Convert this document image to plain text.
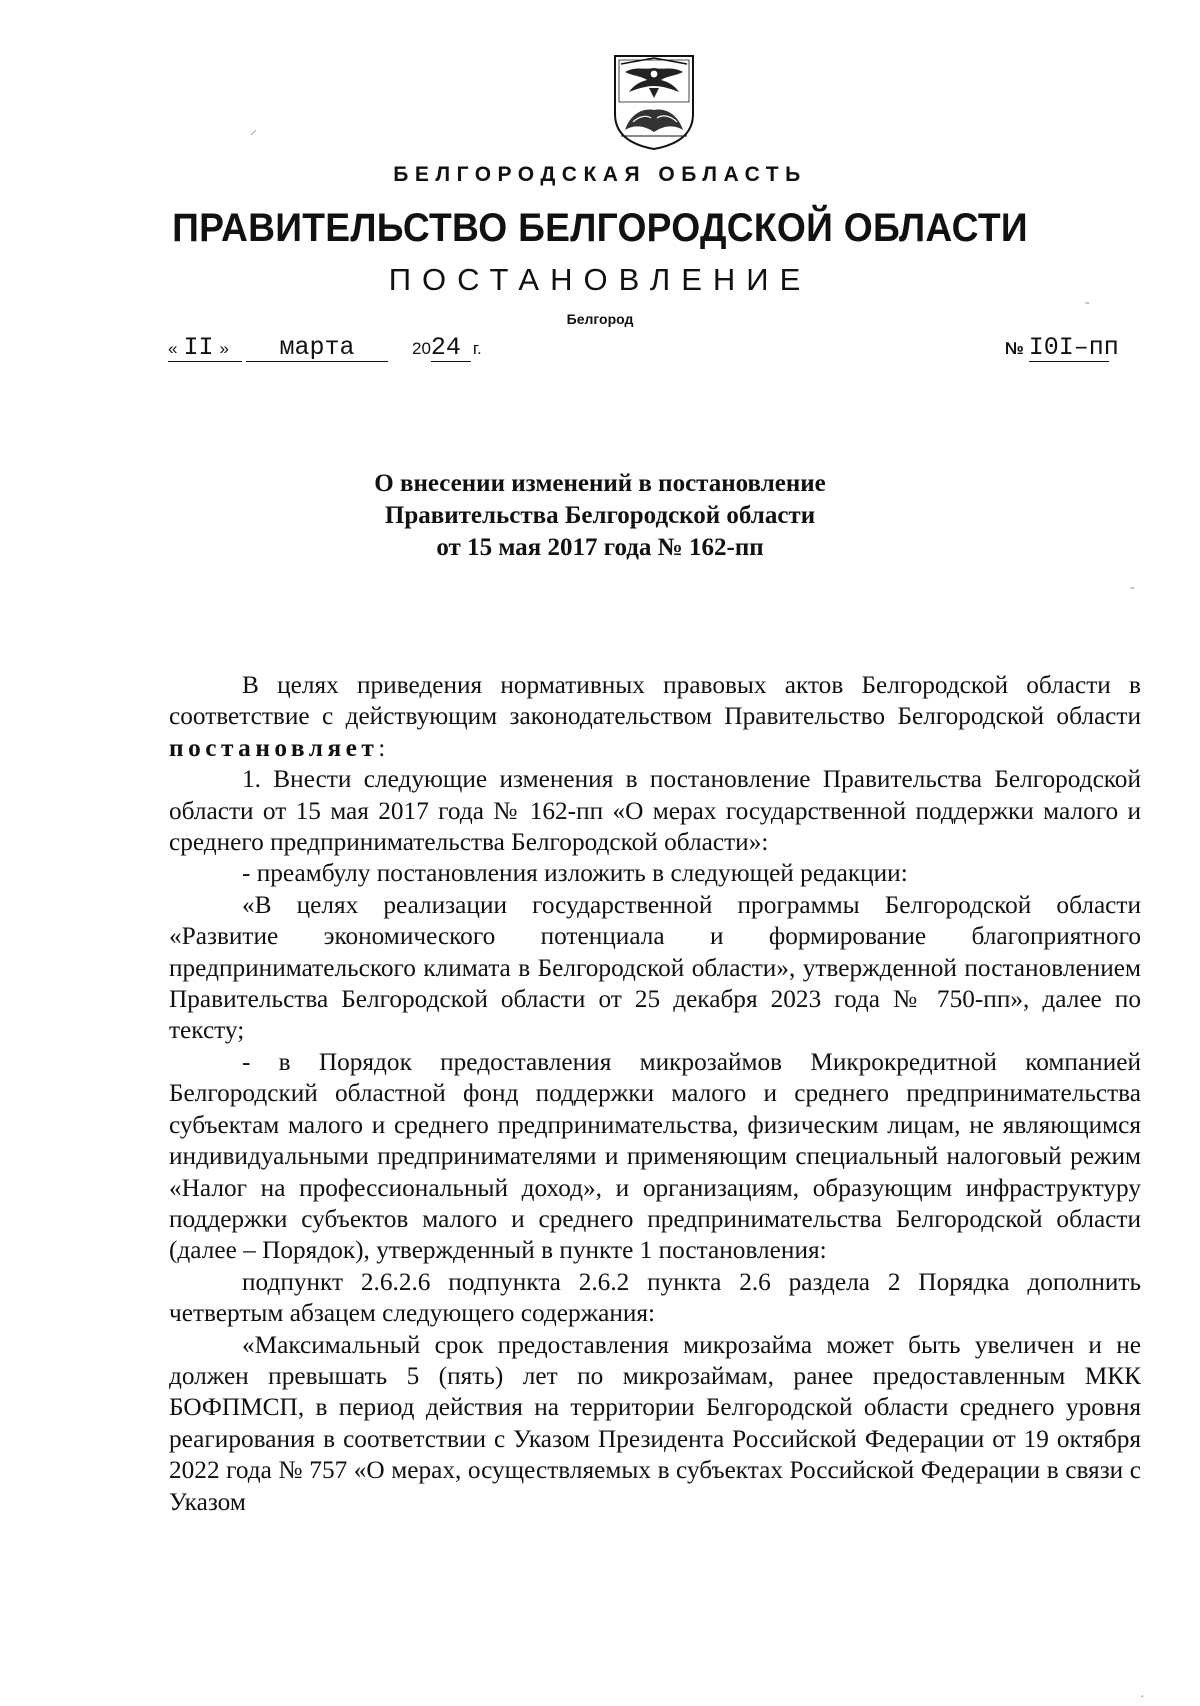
БЕЛГОРОДСКАЯ ОБЛАСТЬ
ПРАВИТЕЛЬСТВО БЕЛГОРОДСКОЙ ОБЛАСТИ
ПОСТАНОВЛЕНИЕ
Белгород
« II » марта	2024 г.	№ I0I–пп
О внесении изменений в постановление
Правительства Белгородской области
от 15 мая 2017 года № 162-пп

В целях приведения нормативных правовых актов Белгородской области в соответствие с действующим законодательством Правительство Белгородской области постановляет:

1. Внести следующие изменения в постановление Правительства Белгородской области от 15 мая 2017 года № 162-пп «О мерах государственной поддержки малого и среднего предпринимательства Белгородской области»:

- преамбулу постановления изложить в следующей редакции:

«В целях реализации государственной программы Белгородской области «Развитие экономического потенциала и формирование благоприятного предпринимательского климата в Белгородской области», утвержденной постановлением Правительства Белгородской области от 25 декабря 2023 года № 750-пп», далее по тексту;

- в Порядок предоставления микрозаймов Микрокредитной компанией Белгородский областной фонд поддержки малого и среднего предпринимательства субъектам малого и среднего предпринимательства, физическим лицам, не являющимся индивидуальными предпринимателями и применяющим специальный налоговый режим «Налог на профессиональный доход», и организациям, образующим инфраструктуру поддержки субъектов малого и среднего предпринимательства Белгородской области (далее – Порядок), утвержденный в пункте 1 постановления:

подпункт 2.6.2.6 подпункта 2.6.2 пункта 2.6 раздела 2 Порядка дополнить четвертым абзацем следующего содержания:

«Максимальный срок предоставления микрозайма может быть увеличен и не должен превышать 5 (пять) лет по микрозаймам, ранее предоставленным МКК БОФПМСП, в период действия на территории Белгородской области среднего уровня реагирования в соответствии с Указом Президента Российской Федерации от 19 октября 2022 года № 757 «О мерах, осуществляемых в субъектах Российской Федерации в связи с Указом

⸝
‐
-
·
